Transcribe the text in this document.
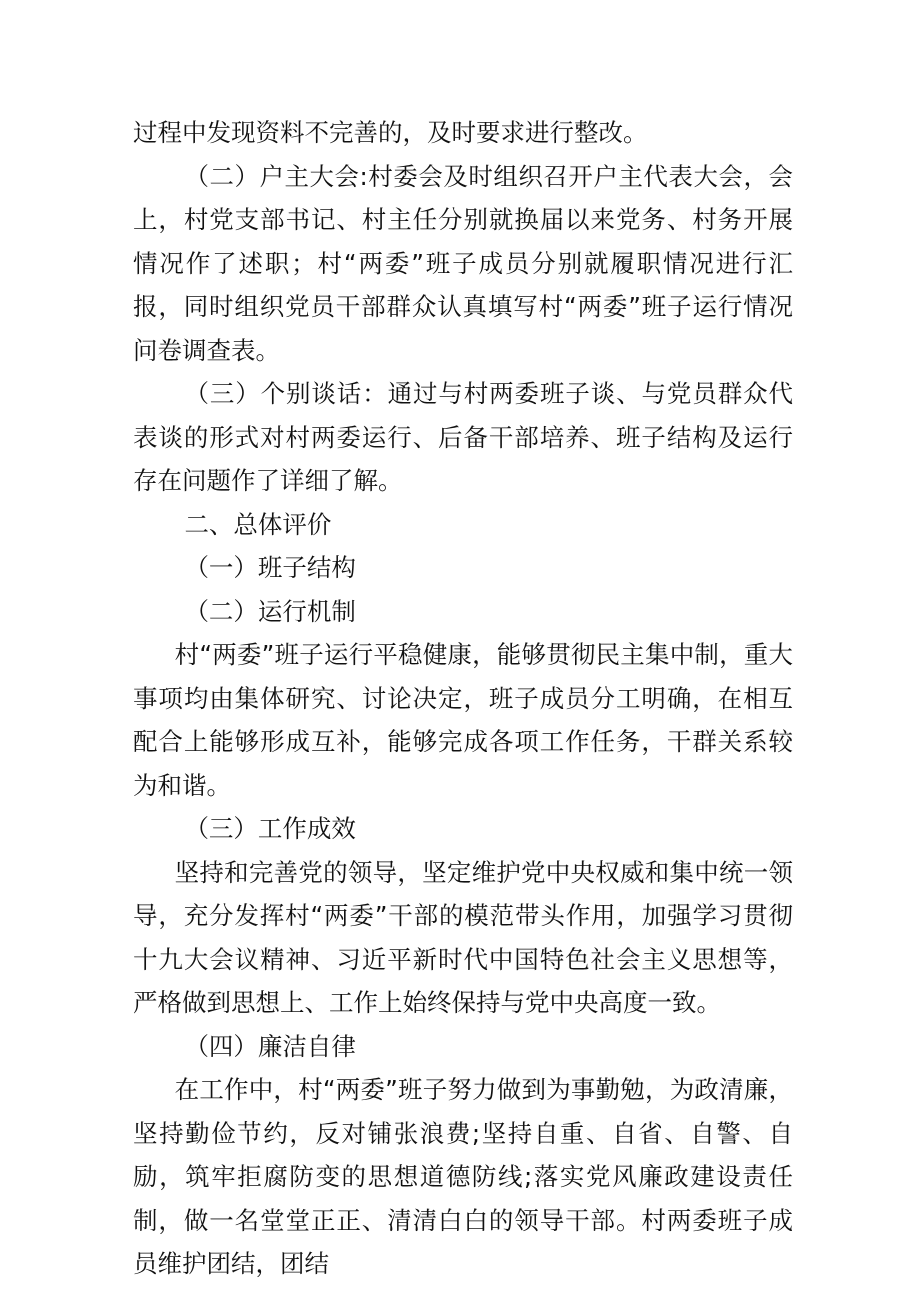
过程中发现资料不完善的，及时要求进行整改。

（二）户主大会:村委会及时组织召开户主代表大会，会上，村党支部书记、村主任分别就换届以来党务、村务开展情况作了述职；村“两委”班子成员分别就履职情况进行汇报，同时组织党员干部群众认真填写村“两委”班子运行情况问卷调查表。

（三）个别谈话：通过与村两委班子谈、与党员群众代表谈的形式对村两委运行、后备干部培养、班子结构及运行存在问题作了详细了解。

二、总体评价

（一）班子结构

（二）运行机制

村“两委”班子运行平稳健康，能够贯彻民主集中制，重大事项均由集体研究、讨论决定，班子成员分工明确，在相互配合上能够形成互补，能够完成各项工作任务，干群关系较为和谐。

（三）工作成效

坚持和完善党的领导，坚定维护党中央权威和集中统一领导，充分发挥村“两委”干部的模范带头作用，加强学习贯彻十九大会议精神、习近平新时代中国特色社会主义思想等，严格做到思想上、工作上始终保持与党中央高度一致。

（四）廉洁自律

在工作中，村“两委”班子努力做到为事勤勉，为政清廉，坚持勤俭节约，反对铺张浪费;坚持自重、自省、自警、自励，筑牢拒腐防变的思想道德防线;落实党风廉政建设责任制，做一名堂堂正正、清清白白的领导干部。村两委班子成员维护团结，团结
